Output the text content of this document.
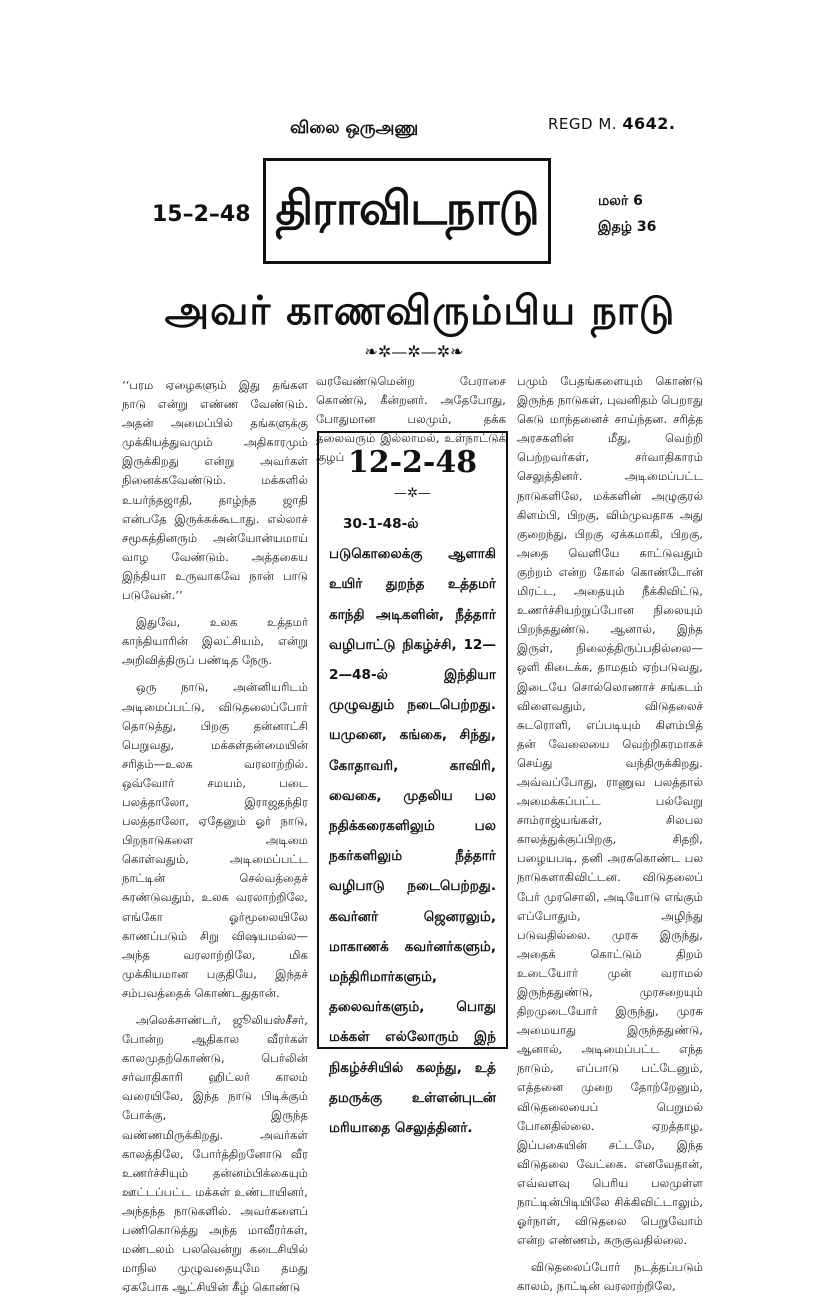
விலை ஒருஅணு	REGD M. 4642.
15–2–48 திராவிடநாடு	மலர் 6
இதழ் 36
அவர் காணவிரும்பிய நாடு
❧✲—✲—✲❧

‘‘பரம ஏழைகளும் இது தங்கள நாடு என்று எண்ண வேண்டும். அதன் அமைப்பில் தங்களுக்கு முக்கியத்துவமும் அதிகாரமும் இருக்கிறது என்று அவர்கள் நினைக்கவேண்டும். மக்களில் உயர்ந்தஜாதி, தாழ்ந்த ஜாதி என்பதே இருக்கக்கூடாது. எல்லாச் சமூகத்தினரும் அன்யோன்யமாய் வாழ வேண்டும். அத்தகைய இந்தியா உருவாகவே நான் பாடு படுவேன்.’’

இதுவே, உலக உத்தமர் காந்தியாரின் இலட்சியம், என்று அறிவித்திருப் பண்டித நேரு.

ஒரு நாடு, அன்னியரிடம் அடிமைப்பட்டு, விடுதலைப்போர் தொடுத்து, பிறகு தன்னாட்சி பெறுவது, மக்கள்தன்மையின் சரிதம்—உலக வரலாற்றில். ஒவ்வோர் சமயம், படை பலத்தாலோ, இராஜதந்திர பலத்தாலோ, ஏதேனும் ஓர் நாடு, பிறநாடுகளை அடிமை கொள்வதும், அடிமைப்பட்ட நாட்டின் செல்வத்தைச் சுரண்டுவதும், உலக வரலாற்றிலே, எங்கோ ஓர்மூலையிலே காணப்படும் சிறு விஷயமல்ல—அந்த வரலாற்றிலே, மிக முக்கியமான பகுதியே, இந்தச் சம்பவத்தைக் கொண்டதுதான்.

அலெக்சாண்டர், ஜூலியஸ்சீசர், போன்ற ஆதிகால வீரர்கள் காலமுதற்கொண்டு, பெர்லின் சர்வாதிகாரி ஹிட்லர் காலம் வரையிலே, இந்த நாடு பிடிக்கும் போக்கு, இருந்த வண்ணமிருக்கிறது. அவர்கள் காலத்திலே, போர்த்திறனோடு வீர உணர்ச்சியும் தன்னம்பிக்கையும் ஊட்டப்பட்ட மக்கள் உண்டாயினர், அந்தந்த நாடுகளில். அவர்களைப் பணிகொடுத்து அந்த மாவீரர்கள், மண்டலம் பலவென்று கடைசியில் மாநில முழுவதையுமே தமது ஏகபோக ஆட்சியின் கீழ் கொண்டு

வரவேண்டுமென்ற பேராசை கொண்டு, கீன்றனர். அதேபோது, போதுமான பலமும், தக்க தலைவரும் இல்லாமல், உள்நாட்டுக் குழப் 12-2-48
—✲—

30-1-48-ல் படுகொலைக்கு ஆளாகி உயிர் துறந்த உத்தமர் காந்தி அடிகளின், நீத்தார் வழிபாட்டு நிகழ்ச்சி, 12—2—48-ல் இந்தியா முழுவதும் நடைபெற்றது. யமுனை, கங்கை, சிந்து, கோதாவரி, காவிரி, வைகை, முதலிய பல நதிக்கரைகளிலும் பல நகர்களிலும் நீத்தார் வழிபாடு நடைபெற்றது. கவர்னர் ஜெனரலும், மாகாணக் கவர்னர்களும், மந்திரிமார்களும், தலைவர்களும், பொது மக்கள் எல்லோரும் இந் நிகழ்ச்சியில் கலந்து, உத் தமருக்கு உள்ளன்புடன் மரியாதை செலுத்தினர்.

பமும் பேதங்களையும் கொண்டு இருந்த நாடுகள், புவனிதம் பெறாது கெடு மாந்தனைச் சாய்ந்தன. சரித்த அரசகளின் மீது, வெற்றி பெற்றவர்கள், சர்வாதிகாரம் செலுத்தினர். அடிமைப்பட்ட நாடுகளிலே, மக்களின் அழுகுரல் கிளம்பி, பிறகு, விம்முவதாக அது குறைந்து, பிறகு ஏக்கமாகி, பிறகு, அதை வெளியே காட்டுவதும் குற்றம் என்ற கோல் கொண்டோன் மிரட்ட, அதையும் நீக்கிவிட்டு, உணர்ச்சியற்றுப்போன நிலையும் பிறந்ததுண்டு. ஆனால், இந்த இருள், நிலைத்திருப்பதில்லை—ஒளி கிடைக்க, தாமதம் ஏற்படுவது, இடையே சொல்லொணாச் சங்கடம் விளைவதும், விடுதலைச் சுடரொளி, எப்படியும் கிளம்பித் தன் வேலையை வெற்றிகரமாகச் செய்து வந்திருக்கிறது. அவ்வப்போது, ராணுவ பலத்தால் அமைக்கப்பட்ட பல்வேறு சாம்ராஜ்யங்கள், சிலபல காலத்துக்குப்பிறகு, சிதறி, பழையபடி, தனி அரசுகொண்ட பல நாடுகளாகிவிட்டன. விடுதலைப் பேர் முரசொலி, அடியோடு எங்கும் எப்போதும், அழிந்து படுவதில்லை. முரசு இருந்து, அதைக் கொட்டும் திறம் உடையோர் முன் வராமல் இருந்ததுண்டு, முரசறையும் திறமுடையோர் இருந்து, முரசு அமையாது இருந்ததுண்டு, ஆனால், அடிமைப்பட்ட எந்த நாடும், எப்பாடு பட்டேனும், எத்தனை முறை தோற்றேனும், விடுதலையைப் பெறுமல் போனதில்லை. ஏறத்தாழ, இப்பகையின் சட்டமே, இந்த விடுதலை வேட்கை. எனவேதான், எவ்வளவு பெரிய பலமுள்ள நாட்டின்பிடியிலே சிக்கிவிட்டாலும், ஓர்நாள், விடுதலை பெறுவோம் என்ற எண்ணம், கருகுவதில்லை.

விடுதலைப்போர் நடத்தப்படும் காலம், நாட்டின் வரலாற்றிலே,
